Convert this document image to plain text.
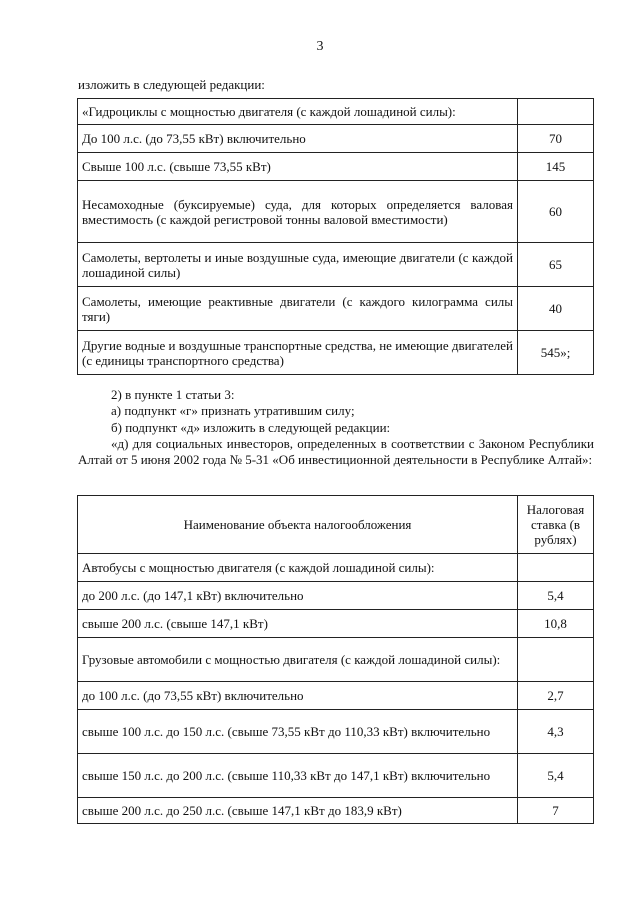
3
изложить в следующей редакции:
«Гидроциклы с мощностью двигателя (с каждой лошадиной силы):	
До 100 л.с. (до 73,55 кВт) включительно	70
Свыше 100 л.с. (свыше 73,55 кВт)	145
Несамоходные (буксируемые) суда, для которых определяется валовая вместимость (с каждой регистровой тонны валовой вместимости)	60
Самолеты, вертолеты и иные воздушные суда, имеющие двигатели (с каждой лошадиной силы)	65
Самолеты, имеющие реактивные двигатели (с каждого килограмма силы тяги)	40
Другие водные и воздушные транспортные средства, не имеющие двигателей (с единицы транспортного средства)	545»;
2) в пункте 1 статьи 3:
а) подпункт «г» признать утратившим силу;
б) подпункт «д» изложить в следующей редакции:
«д) для социальных инвесторов, определенных в соответствии с Законом Республики Алтай от 5 июня 2002 года № 5-31 «Об инвестиционной деятельности в Республике Алтай»:
Наименование объекта налогообложения	Налоговая ставка (в рублях)
Автобусы с мощностью двигателя (с каждой лошадиной силы):	
до 200 л.с. (до 147,1 кВт) включительно	5,4
свыше 200 л.с. (свыше 147,1 кВт)	10,8
Грузовые автомобили с мощностью двигателя (с каждой лошадиной силы):	
до 100 л.с. (до 73,55 кВт) включительно	2,7
свыше 100 л.с. до 150 л.с. (свыше 73,55 кВт до 110,33 кВт) включительно	4,3
свыше 150 л.с. до 200 л.с. (свыше 110,33 кВт до 147,1 кВт) включительно	5,4
свыше 200 л.с. до 250 л.с. (свыше 147,1 кВт до 183,9 кВт)	7
